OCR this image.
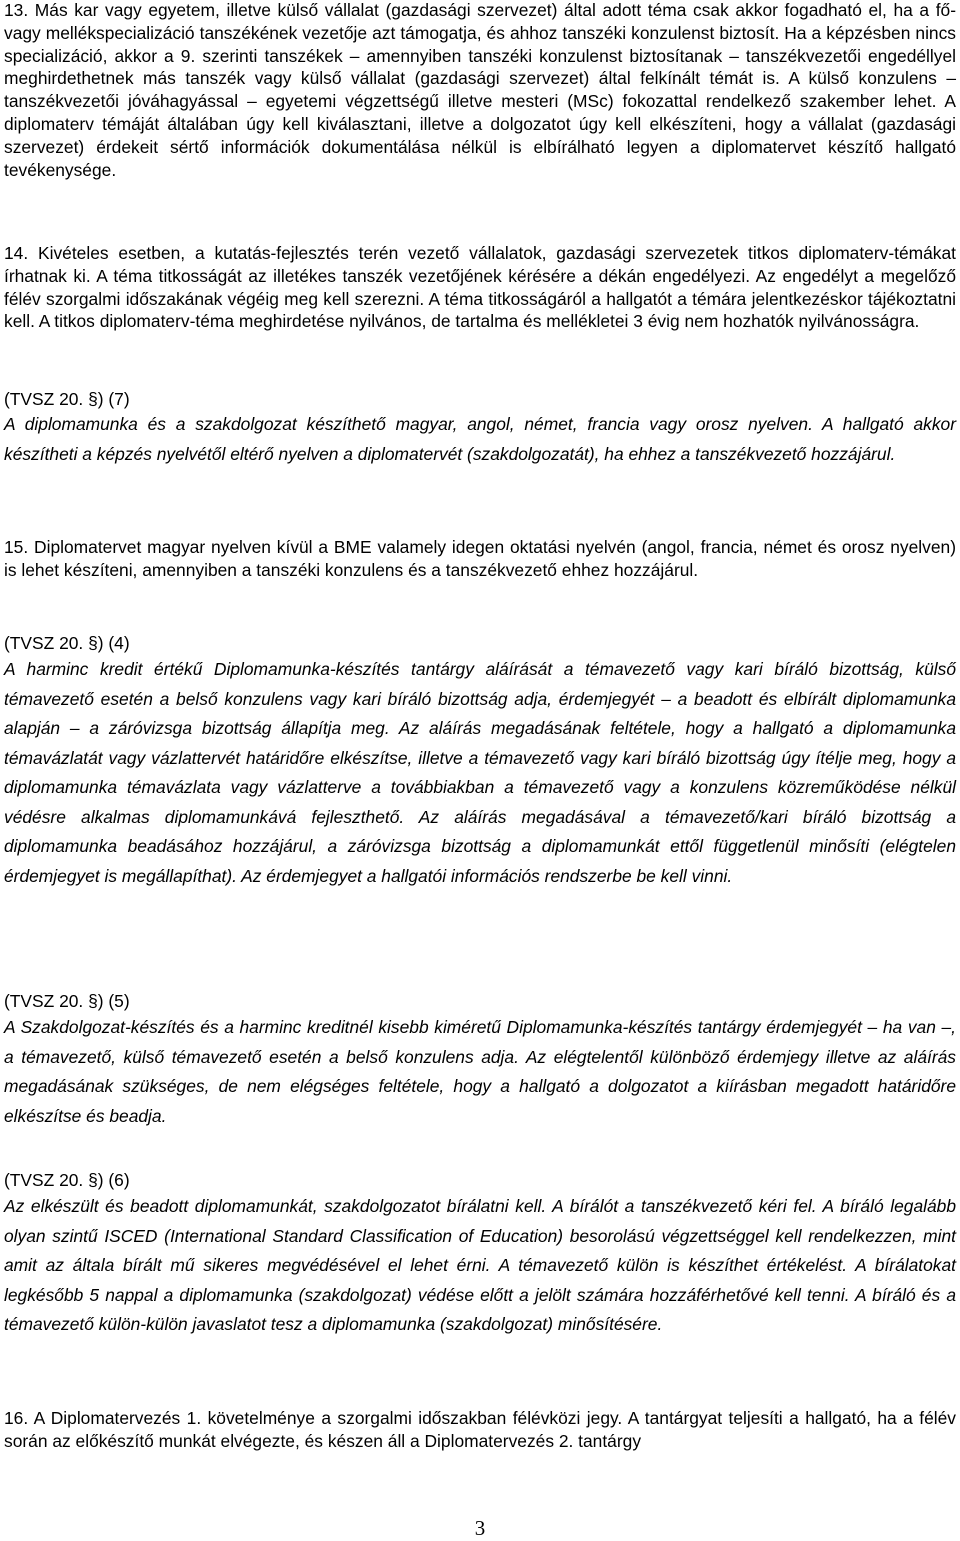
13. Más kar vagy egyetem, illetve külső vállalat (gazdasági szervezet) által adott téma csak akkor fogadható el, ha a fő- vagy mellékspecializáció tanszékének vezetője azt támogatja, és ahhoz tanszéki konzulenst biztosít. Ha a képzésben nincs specializáció, akkor a 9. szerinti tanszékek – amennyiben tanszéki konzulenst biztosítanak – tanszékvezetői engedéllyel meghirdethetnek más tanszék vagy külső vállalat (gazdasági szervezet) által felkínált témát is. A külső konzulens – tanszékvezetői jóváhagyással – egyetemi végzettségű illetve mesteri (MSc) fokozattal rendelkező szakember lehet. A diplomaterv témáját általában úgy kell kiválasztani, illetve a dolgozatot úgy kell elkészíteni, hogy a vállalat (gazdasági szervezet) érdekeit sértő információk dokumentálása nélkül is elbírálható legyen a diplomatervet készítő hallgató tevékenysége.

14. Kivételes esetben, a kutatás-fejlesztés terén vezető vállalatok, gazdasági szervezetek titkos diplomaterv-témákat írhatnak ki. A téma titkosságát az illetékes tanszék vezetőjének kérésére a dékán engedélyezi. Az engedélyt a megelőző félév szorgalmi időszakának végéig meg kell szerezni. A téma titkosságáról a hallgatót a témára jelentkezéskor tájékoztatni kell. A titkos diplomaterv-téma meghirdetése nyilvános, de tartalma és mellékletei 3 évig nem hozhatók nyilvánosságra.

(TVSZ 20. §) (7)

A diplomamunka és a szakdolgozat készíthető magyar, angol, német, francia vagy orosz nyelven. A hallgató akkor készítheti a képzés nyelvétől eltérő nyelven a diplomatervét (szakdolgozatát), ha ehhez a tanszékvezető hozzájárul.

15. Diplomatervet magyar nyelven kívül a BME valamely idegen oktatási nyelvén (angol, francia, német és orosz nyelven) is lehet készíteni, amennyiben a tanszéki konzulens és a tanszékvezető ehhez hozzájárul.

(TVSZ 20. §) (4)

A harminc kredit értékű Diplomamunka-készítés tantárgy aláírását a témavezető vagy kari bíráló bizottság, külső témavezető esetén a belső konzulens vagy kari bíráló bizottság adja, érdemjegyét – a beadott és elbírált diplomamunka alapján – a záróvizsga bizottság állapítja meg. Az aláírás megadásának feltétele, hogy a hallgató a diplomamunka témavázlatát vagy vázlattervét határidőre elkészítse, illetve a témavezető vagy kari bíráló bizottság úgy ítélje meg, hogy a diplomamunka témavázlata vagy vázlatterve a továbbiakban a témavezető vagy a konzulens közreműködése nélkül védésre alkalmas diplomamunkává fejleszthető. Az aláírás megadásával a témavezető/kari bíráló bizottság a diplomamunka beadásához hozzájárul, a záróvizsga bizottság a diplomamunkát ettől függetlenül minősíti (elégtelen érdemjegyet is megállapíthat). Az érdemjegyet a hallgatói információs rendszerbe be kell vinni.

(TVSZ 20. §) (5)

A Szakdolgozat-készítés és a harminc kreditnél kisebb kiméretű Diplomamunka-készítés tantárgy érdemjegyét – ha van –, a témavezető, külső témavezető esetén a belső konzulens adja. Az elégtelentől különböző érdemjegy illetve az aláírás megadásának szükséges, de nem elégséges feltétele, hogy a hallgató a dolgozatot a kiírásban megadott határidőre elkészítse és beadja.

(TVSZ 20. §) (6)

Az elkészült és beadott diplomamunkát, szakdolgozatot bírálatni kell. A bírálót a tanszékvezető kéri fel. A bíráló legalább olyan szintű ISCED (International Standard Classification of Education) besorolású végzettséggel kell rendelkezzen, mint amit az általa bírált mű sikeres megvédésével el lehet érni. A témavezető külön is készíthet értékelést. A bírálatokat legkésőbb 5 nappal a diplomamunka (szakdolgozat) védése előtt a jelölt számára hozzáférhetővé kell tenni. A bíráló és a témavezető külön-külön javaslatot tesz a diplomamunka (szakdolgozat) minősítésére.

16. A Diplomatervezés 1. követelménye a szorgalmi időszakban félévközi jegy. A tantárgyat teljesíti a hallgató, ha a félév során az előkészítő munkát elvégezte, és készen áll a Diplomatervezés 2. tantárgy

3
